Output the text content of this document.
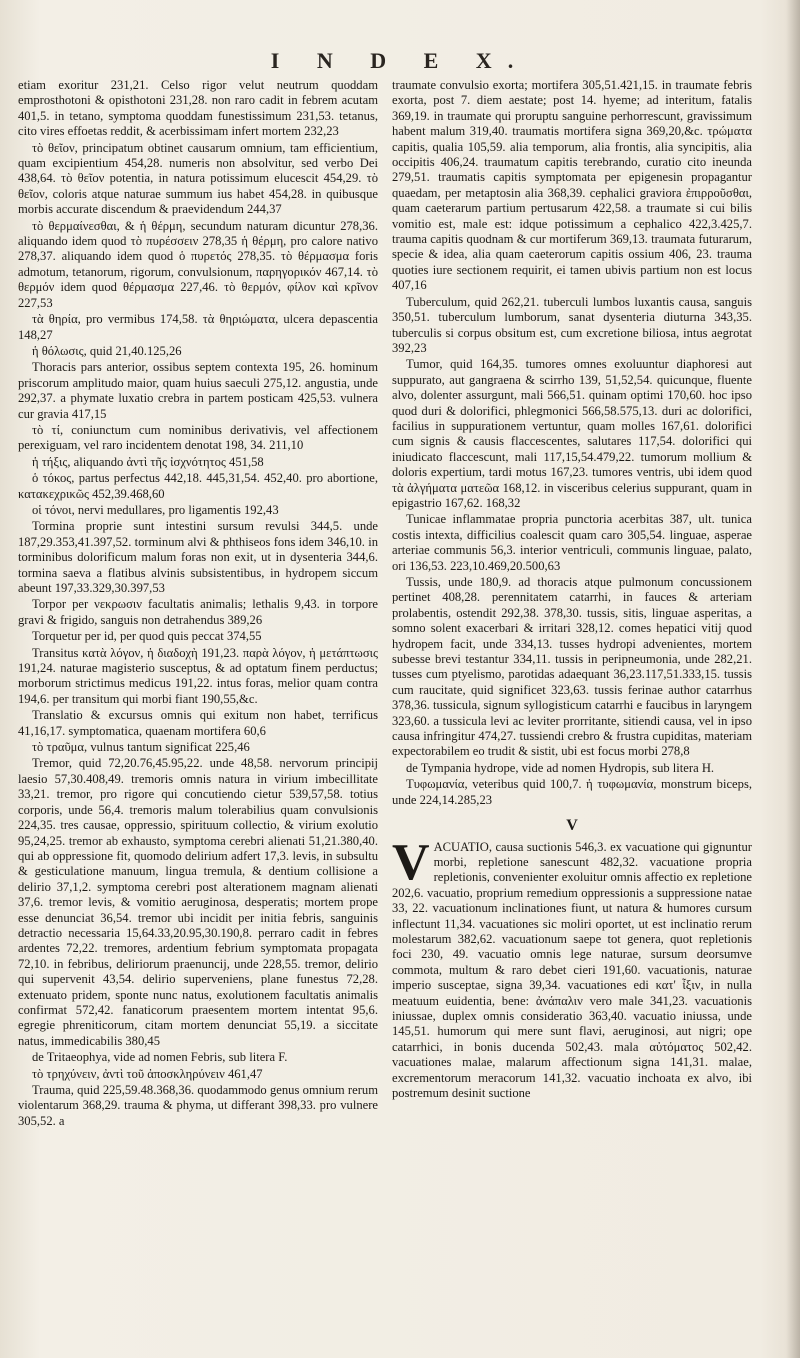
I N D E X.

etiam exoritur 231,21. Celso rigor velut neutrum quoddam emprosthotoni & opisthotoni 231,28. non raro cadit in febrem acutam 401,5. in tetano, symptoma quoddam funestissimum 231,53. tetanus, cito vires effoetas reddit, & acerbissimam infert mortem 232,23

τὸ θεῖον, principatum obtinet causarum omnium, tam efficientium, quam excipientium 454,28. numeris non absolvitur, sed verbo Dei 438,64. τὸ θεῖον potentia, in natura potissimum elucescit 454,29. τὸ θεῖον, coloris atque naturae summum ius habet 454,28. in quibusque morbis accurate discendum & praevidendum 244,37

τὸ θερμαίνεσθαι, & ἡ θέρμη, secundum naturam dicuntur 278,36. aliquando idem quod τὸ πυρέσσειν 278,35 ἡ θέρμη, pro calore nativo 278,37. aliquando idem quod ὁ πυρετός 278,35. τὸ θέρμασμα foris admotum, tetanorum, rigorum, convulsionum, παρηγορικόν 467,14. τὸ θερμόν idem quod θέρμασμα 227,46. τὸ θερμόν, φίλον καὶ κρῖνον 227,53

τὰ θηρία, pro vermibus 174,58. τὰ θηριώματα, ulcera depascentia 148,27

ἡ θόλωσις, quid 21,40.125,26

Thoracis pars anterior, ossibus septem contexta 195, 26. hominum priscorum amplitudo maior, quam huius saeculi 275,12. angustia, unde 292,37. a phymate luxatio crebra in partem posticam 425,53. vulnera cur gravia 417,15

τὸ τί, coniunctum cum nominibus derivativis, vel affectionem perexiguam, vel raro incidentem denotat 198, 34. 211,10

ἡ τήξις, aliquando ἀντὶ τῆς ἰσχνότητος 451,58

ὁ τόκος, partus perfectus 442,18. 445,31,54. 452,40. pro abortione, κατακεχρικῶς 452,39.468,60

οἱ τόνοι, nervi medullares, pro ligamentis 192,43

Tormina proprie sunt intestini sursum revulsi 344,5. unde 187,29.353,41.397,52. torminum alvi & phthiseos fons idem 346,10. in torminibus dolorificum malum foras non exit, ut in dysenteria 344,6. tormina saeva a flatibus alvinis subsistentibus, in hydropem siccum abeunt 197,33.329,30.397,53

Torpor per νεκρωσιν facultatis animalis; lethalis 9,43. in torpore gravi & frigido, sanguis non detrahendus 389,26

Torquetur per id, per quod quis peccat 374,55

Transitus κατὰ λόγον, ἡ διαδοχὴ 191,23. παρὰ λόγον, ἡ μετάπτωσις 191,24. naturae magisterio susceptus, & ad optatum finem perductus; morborum strictimus medicus 191,22. intus foras, melior quam contra 194,6. per transitum qui morbi fiant 190,55,&c.

Translatio & excursus omnis qui exitum non habet, terrificus 41,16,17. symptomatica, quaenam mortifera 60,6

τὸ τραῦμα, vulnus tantum significat 225,46

Tremor, quid 72,20.76,45.95,22. unde 48,58. nervorum principij laesio 57,30.408,49. tremoris omnis natura in virium imbecillitate 33,21. tremor, pro rigore qui concutiendo cietur 539,57,58. totius corporis, unde 56,4. tremoris malum tolerabilius quam convulsionis 224,35. tres causae, oppressio, spirituum collectio, & virium exolutio 95,24,25. tremor ab exhausto, symptoma cerebri alienati 51,21.380,40. qui ab oppressione fit, quomodo delirium adfert 17,3. levis, in subsultu & gesticulatione manuum, lingua tremula, & dentium collisione a delirio 37,1,2. symptoma cerebri post alterationem magnam alienati 37,6. tremor levis, & vomitio aeruginosa, desperatis; mortem prope esse denunciat 36,54. tremor ubi incidit per initia febris, sanguinis detractio necessaria 15,64.33,20.95,30.190,8. perraro cadit in febres ardentes 72,22. tremores, ardentium febrium symptomata propagata 72,10. in febribus, deliriorum praenuncij, unde 228,55. tremor, delirio qui supervenit 43,54. delirio superveniens, plane funestus 72,28. extenuato pridem, sponte nunc natus, exolutionem facultatis animalis confirmat 572,42. fanaticorum praesentem mortem intentat 95,6. egregie phreniticorum, citam mortem denunciat 55,19. a siccitate natus, immedicabilis 380,45

de Tritaeophya, vide ad nomen Febris, sub litera F.

τὸ τρηχύνειν, ἀντὶ τοῦ ἀποσκληρύνειν 461,47

Trauma, quid 225,59.48.368,36. quodammodo genus omnium rerum violentarum 368,29. trauma & phyma, ut differant 398,33. pro vulnere 305,52. a

traumate convulsio exorta; mortifera 305,51.421,15. in traumate febris exorta, post 7. diem aestate; post 14. hyeme; ad interitum, fatalis 369,19. in traumate qui proruptu sanguine perhorrescunt, gravissimum habent malum 319,40. traumatis mortifera signa 369,20,&c. τρώματα capitis, qualia 105,59. alia temporum, alia frontis, alia syncipitis, alia occipitis 406,24. traumatum capitis terebrando, curatio cito ineunda 279,51. traumatis capitis symptomata per epigenesin propagantur quaedam, per metaptosin alia 368,39. cephalici graviora ἐπιρροῦσθαι, quam caeterarum partium pertusarum 422,58. a traumate si cui bilis vomitio est, male est: idque potissimum a cephalico 422,3.425,7. trauma capitis quodnam & cur mortiferum 369,13. traumata futurarum, specie & idea, alia quam caeterorum capitis ossium 406, 23. trauma quoties iure sectionem requirit, ei tamen ubivis partium non est locus 407,16

Tuberculum, quid 262,21. tuberculi lumbos luxantis causa, sanguis 350,51. tuberculum lumborum, sanat dysenteria diuturna 343,35. tuberculis si corpus obsitum est, cum excretione biliosa, intus aegrotat 392,23

Tumor, quid 164,35. tumores omnes exoluuntur diaphoresi aut suppurato, aut gangraena & scirrho 139, 51,52,54. quicunque, fluente alvo, dolenter assurgunt, mali 566,51. quinam optimi 170,60. hoc ipso quod duri & dolorifici, phlegmonici 566,58.575,13. duri ac dolorifici, facilius in suppurationem vertuntur, quam molles 167,61. dolorifici cum signis & causis flaccescentes, salutares 117,54. dolorifici qui iniudicato flaccescunt, mali 117,15,54.479,22. tumorum mollium & doloris expertium, tardi motus 167,23. tumores ventris, ubi idem quod τὰ ἀλγήματα ματεῶα 168,12. in visceribus celerius suppurant, quam in epigastrio 167,62. 168,32

Tunicae inflammatae propria punctoria acerbitas 387, ult. tunica costis intexta, difficilius coalescit quam caro 305,54. linguae, asperae arteriae communis 56,3. interior ventriculi, communis linguae, palato, ori 136,53. 223,10.469,20.500,63

Tussis, unde 180,9. ad thoracis atque pulmonum concussionem pertinet 408,28. perennitatem catarrhi, in fauces & arteriam prolabentis, ostendit 292,38. 378,30. tussis, sitis, linguae asperitas, a somno solent exacerbari & irritari 328,12. comes hepatici vitij quod hydropem facit, unde 334,13. tusses hydropi advenientes, mortem subesse brevi testantur 334,11. tussis in peripneumonia, unde 282,21. tusses cum ptyelismo, parotidas adaequant 36,23.117,51.333,15. tussis cum raucitate, quid significet 323,63. tussis ferinae author catarrhus 378,36. tussicula, signum syllogisticum catarrhi e faucibus in laryngem 323,60. a tussicula levi ac leviter prorritante, sitiendi causa, vel in ipso causa infringitur 474,27. tussiendi crebro & frustra cupiditas, materiam expectorabilem eo trudit & sistit, ubi est focus morbi 278,8

de Tympania hydrope, vide ad nomen Hydropis, sub litera H.

Τυφωμανία, veteribus quid 100,7. ἡ τυφωμανία, monstrum biceps, unde 224,14.285,23

V

V ACUATIO, causa suctionis 546,3. ex vacuatione qui gignuntur morbi, repletione sanescunt 482,32. vacuatione propria repletionis, convenienter exoluitur omnis affectio ex repletione 202,6. vacuatio, proprium remedium oppressionis a suppressione natae 33, 22. vacuationum inclinationes fiunt, ut natura & humores cursum inflectunt 11,34. vacuationes sic moliri oportet, ut est inclinatio rerum molestarum 382,62. vacuationum saepe tot genera, quot repletionis foci 230, 49. vacuatio omnis lege naturae, sursum deorsumve commota, multum & raro debet cieri 191,60. vacuationis, naturae imperio susceptae, signa 39,34. vacuationes edi κατ' ἶξιν, in nulla meatuum euidentia, bene: ἀνάπαλιν vero male 341,23. vacuationis iniussae, duplex omnis consideratio 363,40. vacuatio iniussa, unde 145,51. humorum qui mere sunt flavi, aeruginosi, aut nigri; ope catarrhici, in bonis ducenda 502,43. mala αὐτόματος 502,42. vacuationes malae, malarum affectionum signa 141,31. malae, excrementorum meracorum 141,32. vacuatio inchoata ex alvo, ibi postremum desinit suctione
